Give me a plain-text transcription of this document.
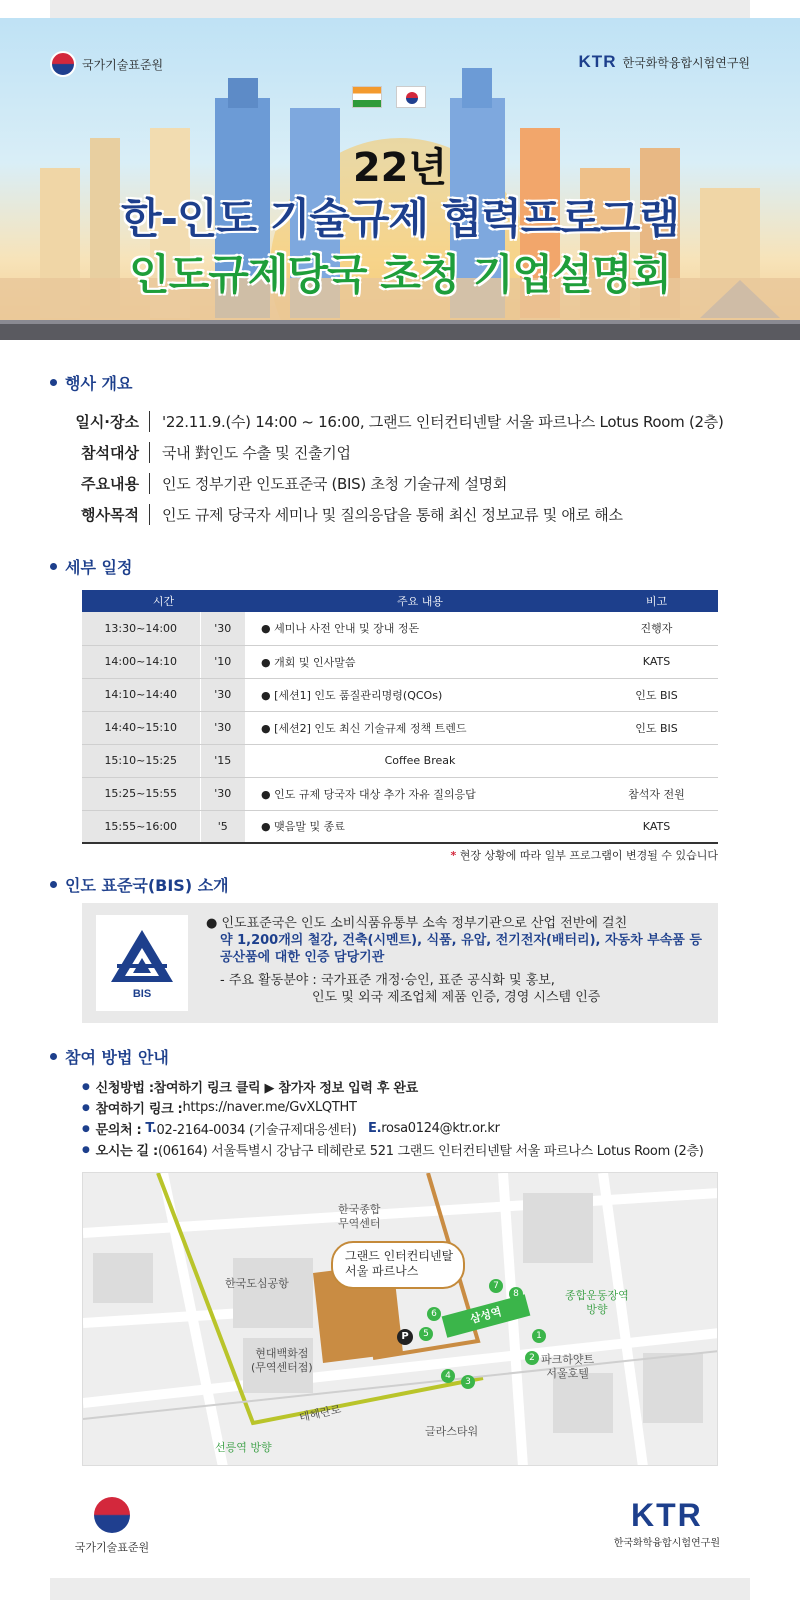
국가기술표준원	KTR 한국화학융합시험연구원
22년
한-인도 기술규제 협력프로그램
인도규제당국 초청 기업설명회
행사 개요
일시·장소	'22.11.9.(수) 14:00 ~ 16:00, 그랜드 인터컨티넨탈 서울 파르나스 Lotus Room (2층)
참석대상	국내 對인도 수출 및 진출기업
주요내용	인도 정부기관 인도표준국 (BIS) 초청 기술규제 설명회
행사목적	인도 규제 당국자 세미나 및 질의응답을 통해 최신 정보교류 및 애로 해소
세부 일정
시간		주요 내용	비고
13:30~14:00	'30	● 세미나 사전 안내 및 장내 정돈	진행자
14:00~14:10	'10	● 개회 및 인사말씀	KATS
14:10~14:40	'30	● [세션1] 인도 품질관리명령(QCOs)	인도 BIS
14:40~15:10	'30	● [세션2] 인도 최신 기술규제 정책 트렌드	인도 BIS
15:10~15:25	'15	Coffee Break	
15:25~15:55	'30	● 인도 규제 당국자 대상 추가 자유 질의응답	참석자 전원
15:55~16:00	'5	● 맺음말 및 종료	KATS
* 현장 상황에 따라 일부 프로그램이 변경될 수 있습니다
인도 표준국(BIS) 소개
BIS
● 인도표준국은 인도 소비식품유통부 소속 정부기관으로 산업 전반에 걸친
약 1,200개의 철강, 건축(시멘트), 식품, 유압, 전기전자(배터리), 자동차 부속품 등
공산품에 대한 인증 담당기관
- 주요 활동분야 : 국가표준 개정·승인, 표준 공식화 및 홍보,
인도 및 외국 제조업체 제품 인증, 경영 시스템 인증
참여 방법 안내
● 신청방법 : 참여하기 링크 클릭 ▶ 참가자 정보 입력 후 완료
● 참여하기 링크 : https://naver.me/GvXLQTHT
● 문의처 :
T. 02-2164-0034 (기술규제대응센터)
E. rosa0124@ktr.or.kr
● 오시는 길 : (06164) 서울특별시 강남구 테헤란로 521 그랜드 인터컨티넨탈 서울 파르나스 Lotus Room (2층)
한국종합
무역센터
그랜드 인터컨티넨탈
서울 파르나스
한국도심공항
현대백화점
(무역센터점)
테헤란로
선릉역 방향
글라스타워
파크하얏트
서울호텔
종합운동장역
방향
삼성역
P	1
2
3
4
5
6
7
8
국가기술표준원
KTR
한국화학융합시험연구원
